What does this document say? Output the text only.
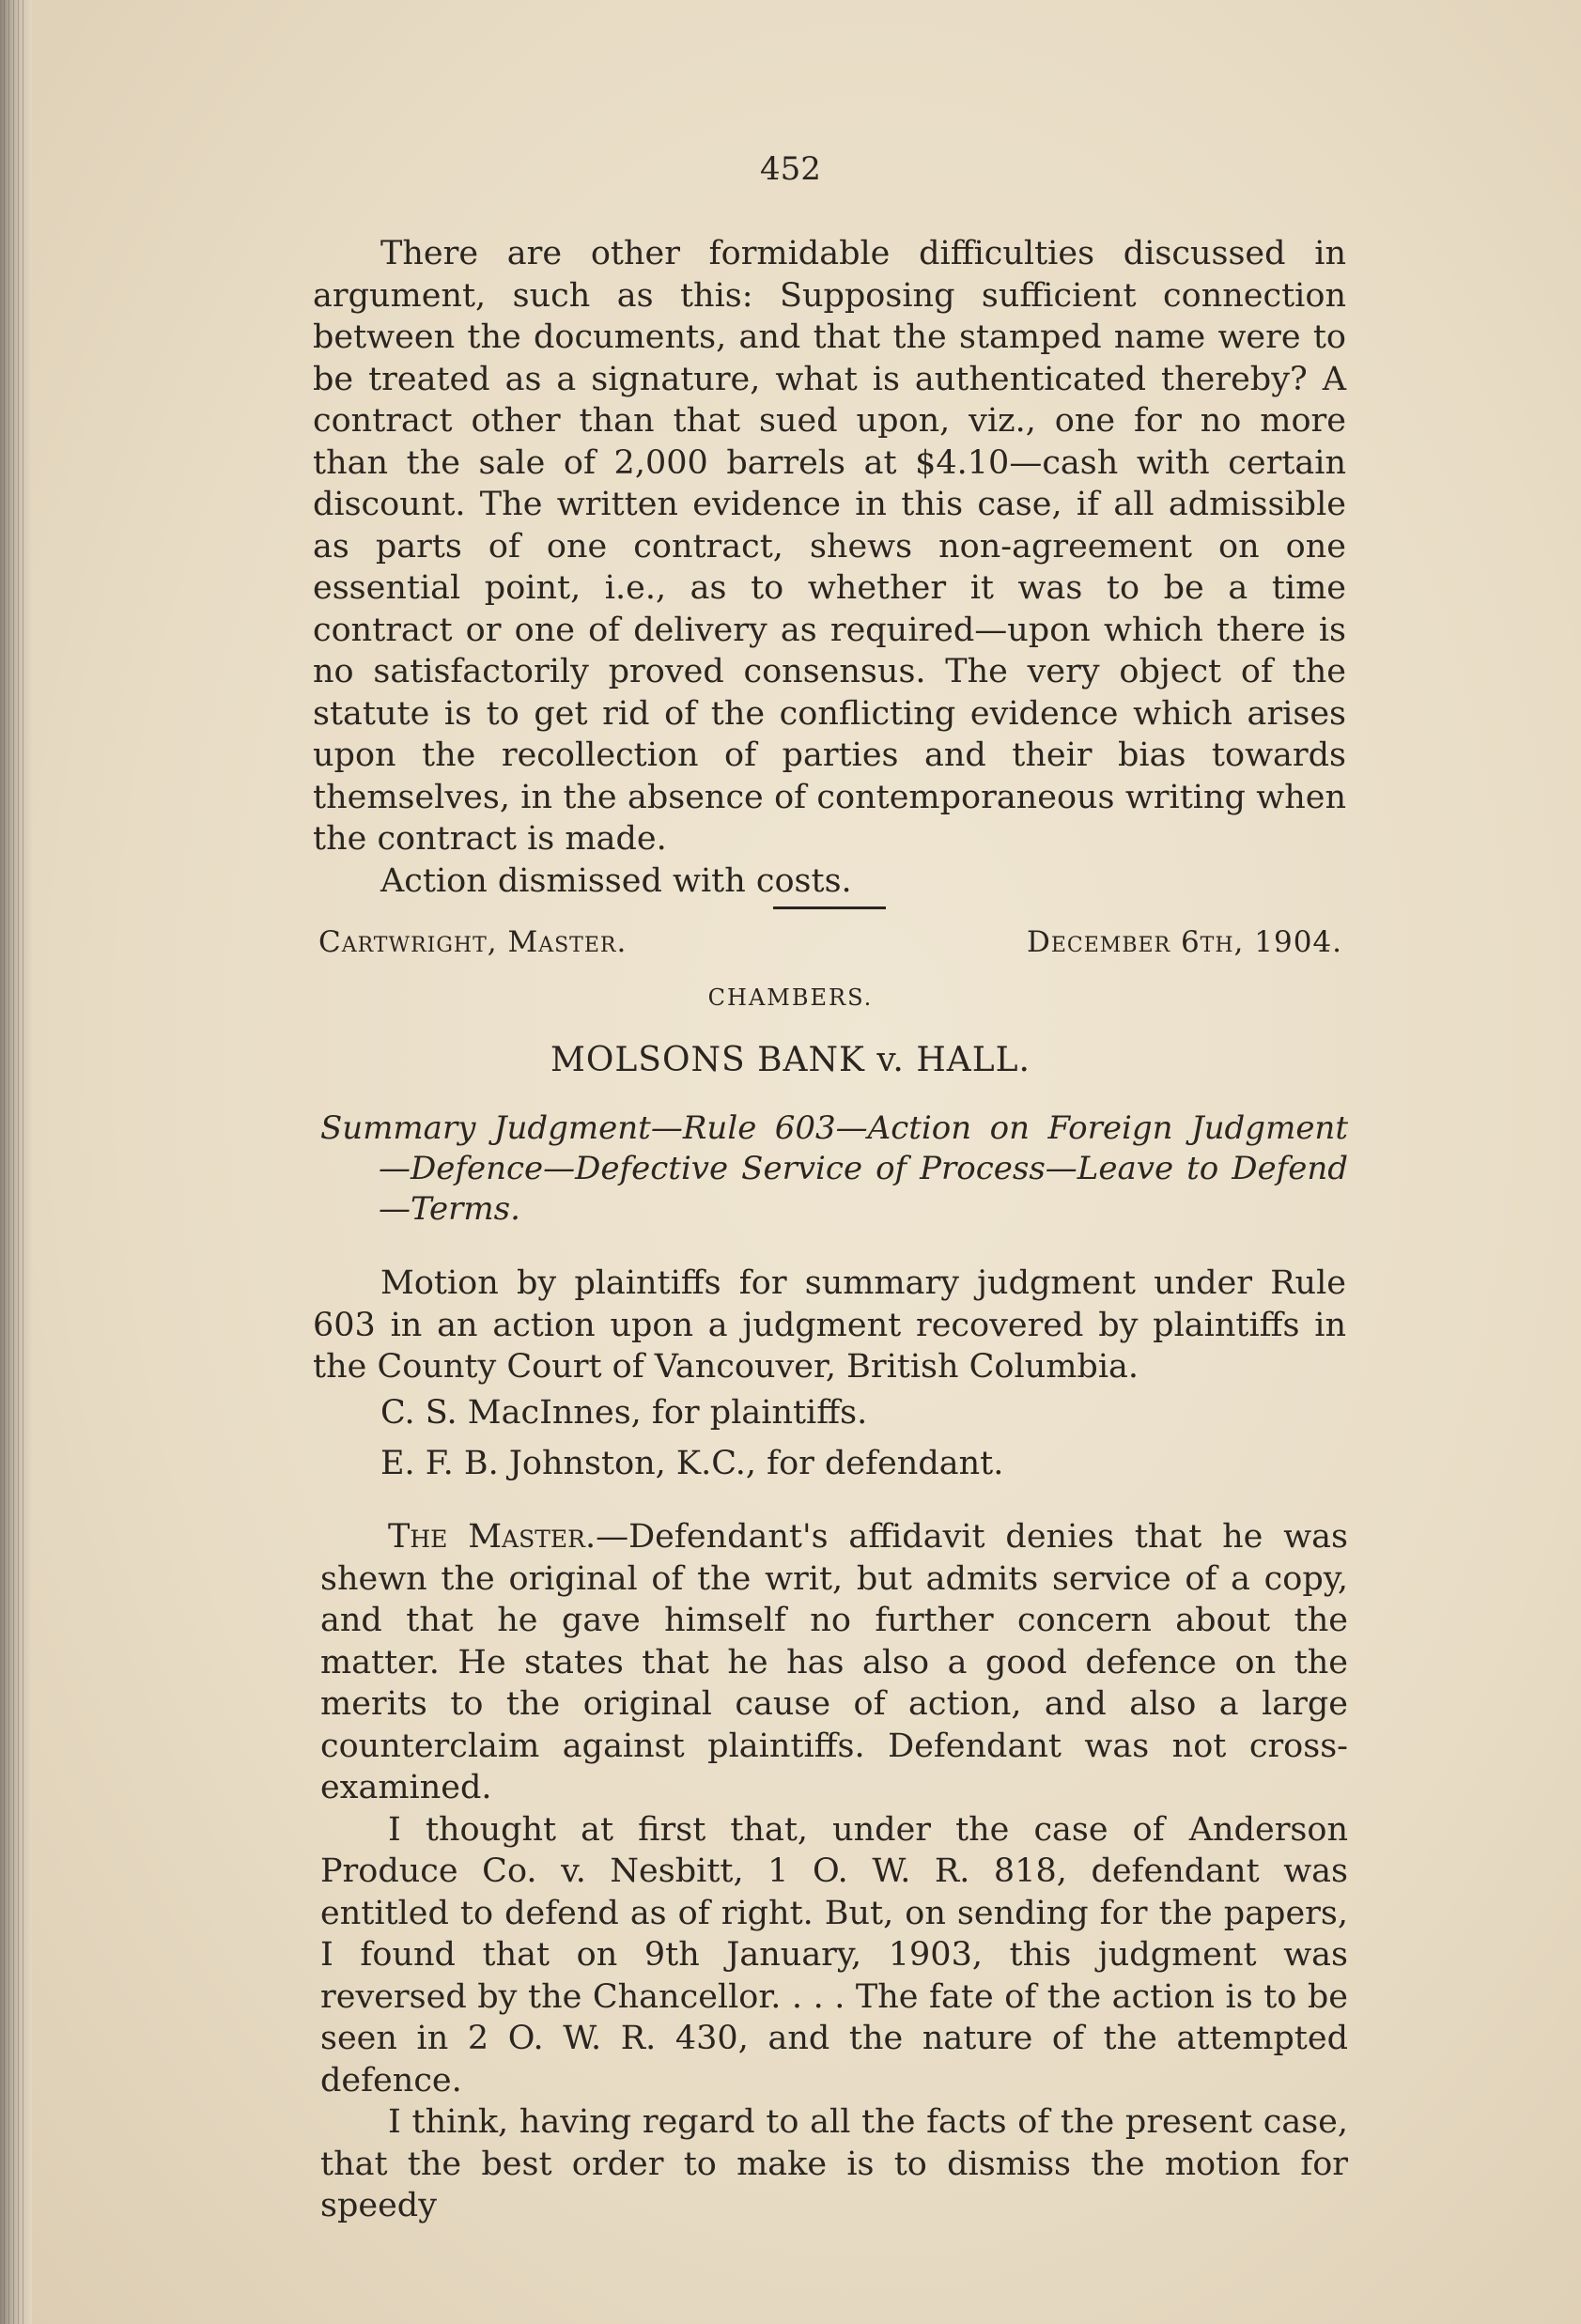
452

There are other formidable difficulties discussed in argument, such as this: Supposing sufficient connection between the documents, and that the stamped name were to be treated as a signature, what is authenticated thereby? A contract other than that sued upon, viz., one for no more than the sale of 2,000 barrels at $4.10—cash with certain discount. The written evidence in this case, if all admissible as parts of one contract, shews non-agreement on one essential point, i.e., as to whether it was to be a time contract or one of delivery as required—upon which there is no satisfactorily proved consensus. The very object of the statute is to get rid of the conflicting evidence which arises upon the recollection of parties and their bias towards themselves, in the absence of contemporaneous writing when the contract is made.

Action dismissed with costs.

Cartwright, Master.	December 6th, 1904.
CHAMBERS.
MOLSONS BANK v. HALL.

Summary Judgment—Rule 603—Action on Foreign Judgment —Defence—Defective Service of Process—Leave to Defend —Terms.

Motion by plaintiffs for summary judgment under Rule 603 in an action upon a judgment recovered by plaintiffs in the County Court of Vancouver, British Columbia.

C. S. MacInnes, for plaintiffs.

E. F. B. Johnston, K.C., for defendant.

The Master.—Defendant's affidavit denies that he was shewn the original of the writ, but admits service of a copy, and that he gave himself no further concern about the matter. He states that he has also a good defence on the merits to the original cause of action, and also a large counterclaim against plaintiffs. Defendant was not cross-examined.

I thought at first that, under the case of Anderson Produce Co. v. Nesbitt, 1 O. W. R. 818, defendant was entitled to defend as of right. But, on sending for the papers, I found that on 9th January, 1903, this judgment was reversed by the Chancellor. . . . The fate of the action is to be seen in 2 O. W. R. 430, and the nature of the attempted defence.

I think, having regard to all the facts of the present case, that the best order to make is to dismiss the motion for speedy
